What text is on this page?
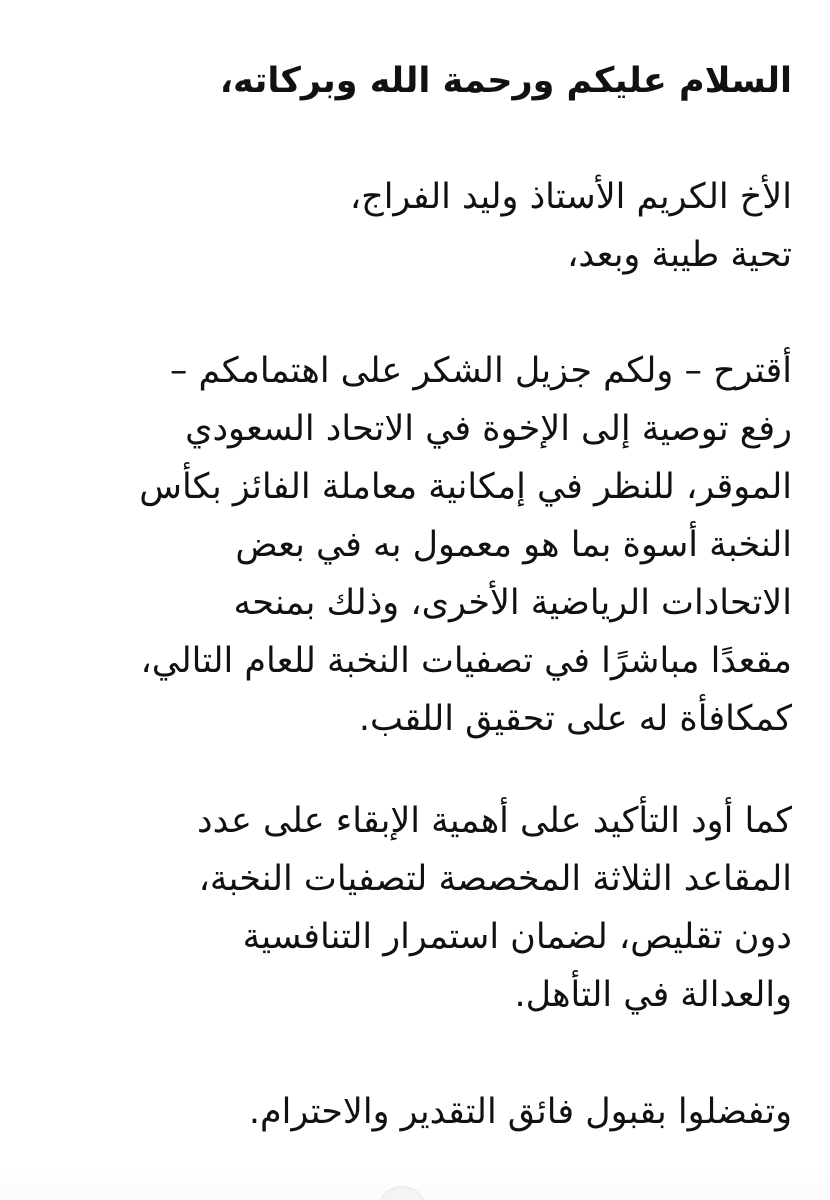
السلام عليكم ورحمة الله وبركاته،
الأخ الكريم الأستاذ وليد الفراج،
تحية طيبة وبعد،
أقترح – ولكم جزيل الشكر على اهتمامكم –
رفع توصية إلى الإخوة في الاتحاد السعودي
الموقر، للنظر في إمكانية معاملة الفائز بكأس
النخبة أسوة بما هو معمول به في بعض
الاتحادات الرياضية الأخرى، وذلك بمنحه
مقعدًا مباشرًا في تصفيات النخبة للعام التالي،
كمكافأة له على تحقيق اللقب.
كما أود التأكيد على أهمية الإبقاء على عدد
المقاعد الثلاثة المخصصة لتصفيات النخبة،
دون تقليص، لضمان استمرار التنافسية
والعدالة في التأهل.
وتفضلوا بقبول فائق التقدير والاحترام.
